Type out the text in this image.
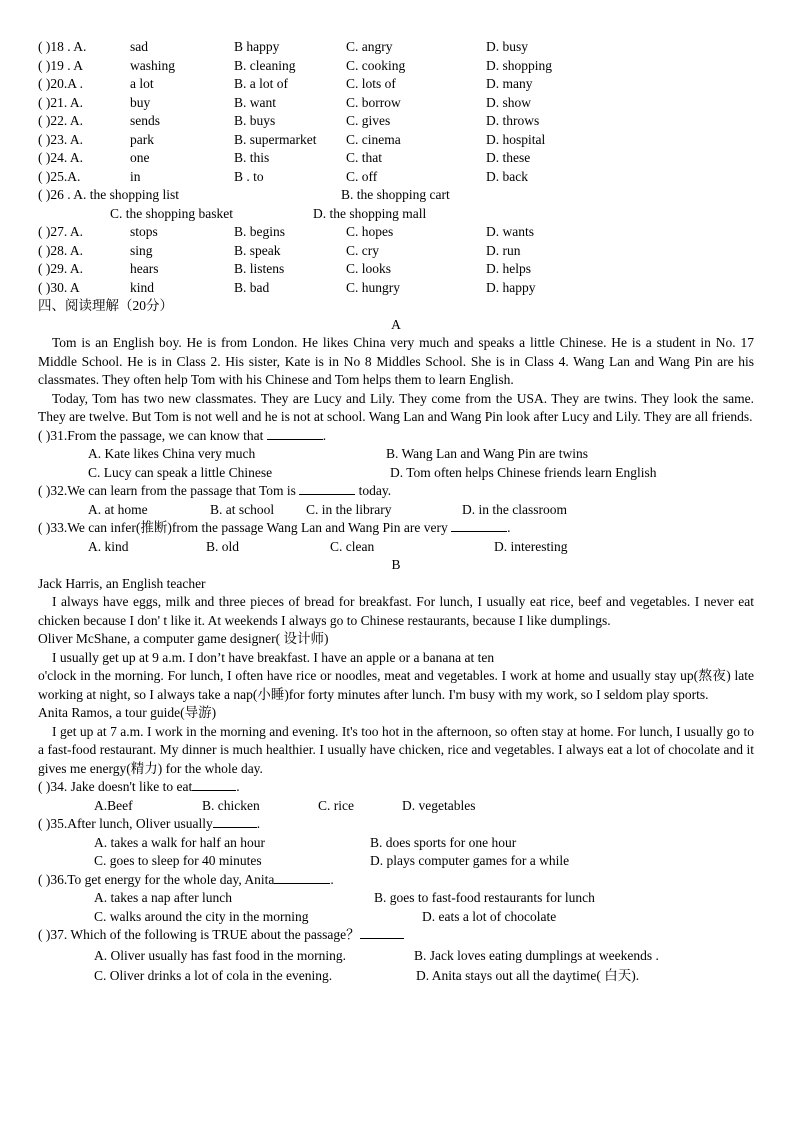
( )18 . A.	sad	B happy	C. angry	D. busy
( )19 . A	washing	B. cleaning	C. cooking	D. shopping
( )20.A .	a lot	B. a lot of	C. lots of	D. many
( )21. A.	buy	B. want	C. borrow	D. show
( )22. A.	sends	B. buys	C. gives	D. throws
( )23. A.	park	B. supermarket C. cinema	D. hospital
( )24. A.	one	B. this	C. that	D. these
( )25.A.	in	B . to	C. off	D. back
( )26 . A. the shopping list	B. the shopping cart
C. the shopping basket	D. the shopping mall
( )27. A.	stops	B. begins	C. hopes	D. wants
( )28. A.	sing	B. speak	C. cry	D. run
( )29. A.	hears	B. listens	C. looks	D. helps
( )30. A	kind	B. bad	C. hungry	D. happy
四、阅读理解（20分）
A
Tom is an English boy. He is from London. He likes China very much and speaks a little Chinese. He is a student in No. 17 Middle School. He is in Class 2. His sister, Kate is in No 8 Middles School. She is in Class 4. Wang Lan and Wang Pin are his classmates. They often help Tom with his Chinese and Tom helps them to learn English.
Today, Tom has two new classmates. They are Lucy and Lily. They come from the USA. They are twins. They look the same. They are twelve. But Tom is not well and he is not at school. Wang Lan and Wang Pin look after Lucy and Lily. They are all friends.
( )31.From the passage, we can know that	.
A. Kate likes China very much	B. Wang Lan and Wang Pin are twins
C. Lucy can speak a little Chinese	D. Tom often helps Chinese friends learn English
( )32.We can learn from the passage that Tom is	today.
A. at home	B. at school C. in the library	D. in the classroom
( )33.We can infer(推断)from the passage Wang Lan and Wang Pin are very	.
A. kind	B. old	C. clean	D. interesting
B
Jack Harris, an English teacher
I always have eggs, milk and three pieces of bread for breakfast. For lunch, I usually eat rice, beef and vegetables. I never eat chicken because I don' t like it. At weekends I always go to Chinese restaurants, because I like dumplings.
Oliver McShane, a computer game designer( 设计师)
I usually get up at 9 a.m. I don’t have breakfast. I have an apple or a banana at ten
o'clock in the morning. For lunch, I often have rice or noodles, meat and vegetables. I work at home and usually stay up(熬夜) late working at night, so I always take a nap(小睡)for forty minutes after lunch. I'm busy with my work, so I seldom play sports.
Anita Ramos, a tour guide(导游)
I get up at 7 a.m. I work in the morning and evening. It's too hot in the afternoon, so often stay at home. For lunch, I usually go to a fast-food restaurant. My dinner is much healthier. I usually have chicken, rice and vegetables. I always eat a lot of chocolate and it gives me energy(精力) for the whole day.
( )34. Jake doesn't like to eat	.
A.Beef	B. chicken	C. rice	D. vegetables
( )35.After lunch, Oliver usually	.
A. takes a walk for half an hour	B. does sports for one hour
C. goes to sleep for 40 minutes	D. plays computer games for a while
( )36.To get energy for the whole day, Anita	.
A. takes a nap after lunch	B. goes to fast-food restaurants for lunch
C. walks around the city in the morning	D. eats a lot of chocolate
( )37. Which of the following is TRUE about the passage？
A. Oliver usually has fast food in the morning.	B. Jack loves eating dumplings at weekends .
C. Oliver drinks a lot of cola in the evening.	D. Anita stays out all the daytime( 白天).
